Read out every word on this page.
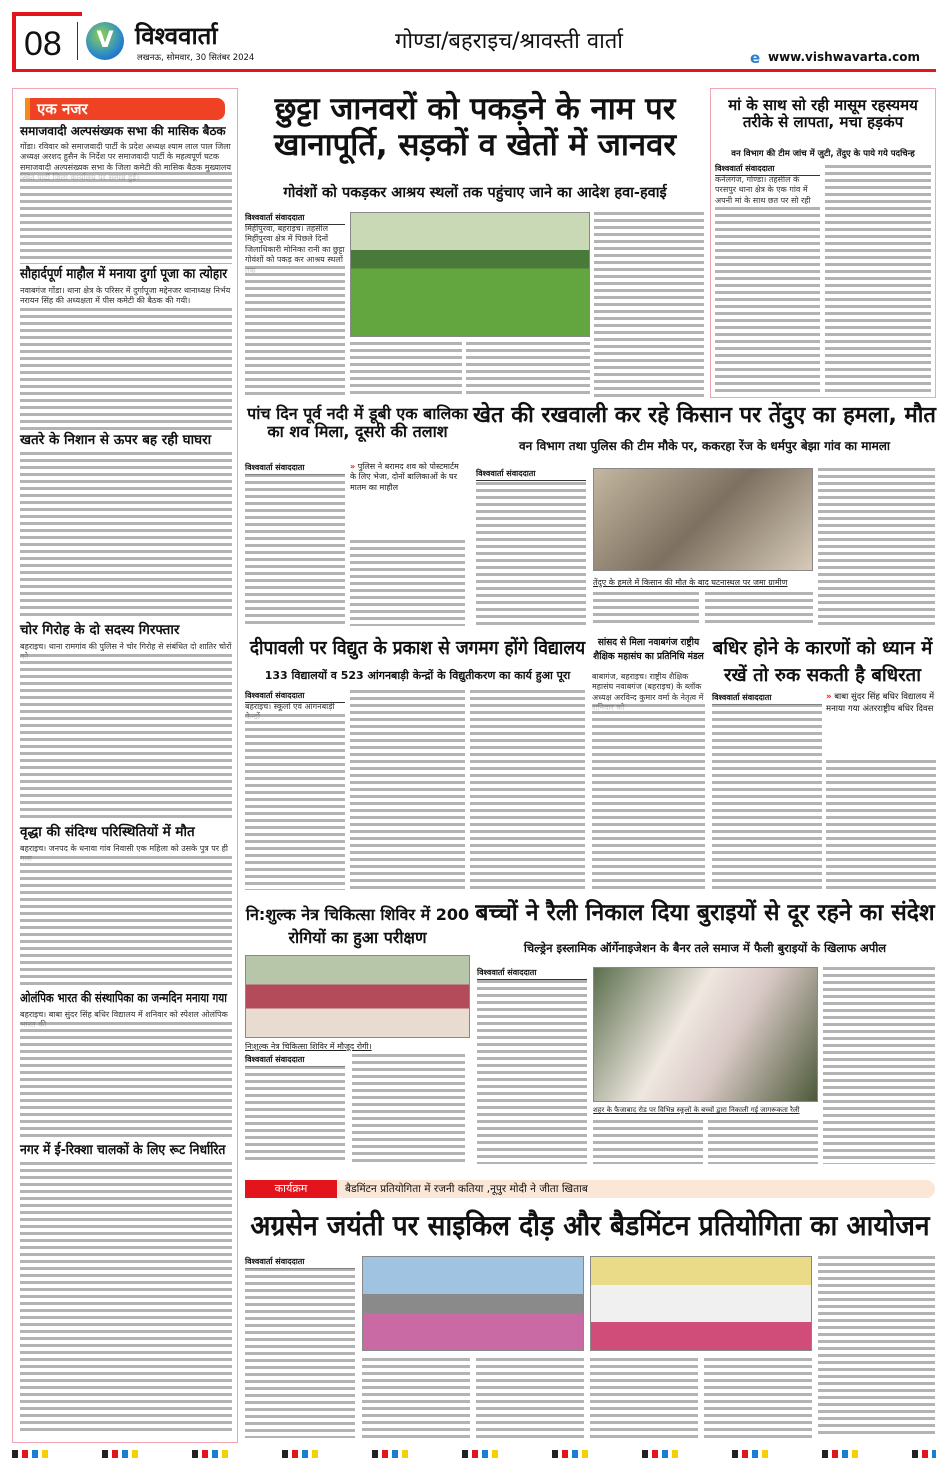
08	V विश्ववार्ता
लखनऊ, सोमवार, 30 सितंबर 2024
गोण्डा/बहराइच/श्रावस्ती वार्ता
e www.vishwavarta.com
एक नजर
समाजवादी अल्पसंख्यक सभा की मासिक बैठक
गोंडा। रविवार को समाजवादी पार्टी के प्रदेश अध्यक्ष श्याम लाल पाल जिला अध्यक्ष अरशद हुसैन के निर्देश पर समाजवादी पार्टी के महत्वपूर्ण घटक समाजवादी अल्पसंख्यक सभा के जिला कमेटी की मासिक बैठक मुख्यालय
सौहार्दपूर्ण माहौल में मनाया दुर्गा पूजा का त्योहार
नवाबगंज गोंडा। थाना क्षेत्र के परिसर में दुर्गापूजा मद्देनजर थानाध्यक्ष निर्भय नरायन सिंह की अध्यक्षता में पीस कमेटी की बैठक की गयी।
खतरे के निशान से ऊपर बह रही घाघरा
चोर गिरोह के दो सदस्य गिरफ्तार
बहराइच। थाना रामगांव की पुलिस ने चोर गिरोह से संबंधित दो शातिर चोरों
वृद्धा की संदिग्ध परिस्थितियों में मौत
बहराइच। जनपद के धनावा गांव निवासी एक महिला को उसके पुत्र पर ही
ओलंपिक भारत की संस्थापिका का जन्मदिन मनाया गया
बहराइच। बाबा सुंदर सिंह बधिर विद्यालय में शनिवार को स्पेशल ओलंपिक
नगर में ई-रिक्शा चालकों के लिए रूट निर्धारित
छुट्टा जानवरों को पकड़ने के नाम पर खानापूर्ति, सड़कों व खेतों में जानवर
गोवंशों को पकड़कर आश्रय स्थलों तक पहुंचाए जाने का आदेश हवा-हवाई
विश्ववार्ता संवाददाता
मिहींपुरवा, बहराइच। तहसील मिहींपुरवा क्षेत्र में पिछले दिनों जिलाधिकारी मोनिका रानी का छुट्टा गोवंशों को पकड़ कर आश्रय स्थलों
मां के साथ सो रही मासूम रहस्यमय तरीके से लापता, मचा हड़कंप
वन विभाग की टीम जांच में जुटी, तेंदुए के पाये गये पदचिन्ह
विश्ववार्ता संवाददाता
कर्नलगंज, गोण्डा। तहसील के परसपुर थाना क्षेत्र के एक गांव में अपनी मां के साथ छत पर सो रही
पांच दिन पूर्व नदी में डूबी एक बालिका का शव मिला, दूसरी की तलाश
विश्ववार्ता संवाददाता	» पुलिस ने बरामद शव को पोस्टमार्टम के लिए भेजा, दोनों बालिकाओं के घर मातम का माहौल
खेत की रखवाली कर रहे किसान पर तेंदुए का हमला, मौत
वन विभाग तथा पुलिस की टीम मौके पर, ककरहा रेंज के धर्मपुर बेझा गांव का मामला
विश्ववार्ता संवाददाता
तेंदुए के हमले में किसान की मौत के बाद घटनास्थल पर जमा ग्रामीण
दीपावली पर विद्युत के प्रकाश से जगमग होंगे विद्यालय
133 विद्यालयों व 523 आंगनबाड़ी केन्द्रों के विद्युतीकरण का कार्य हुआ पूरा
विश्ववार्ता संवाददाता
बहराइच। स्कूलों एवं आंगनबाड़ी
सांसद से मिला नवाबगंज राष्ट्रीय शैक्षिक महासंघ का प्रतिनिधि मंडल
बाबागंज, बहराइच। राष्ट्रीय शैक्षिक महासंघ नवाबगंज (बहराइच) के ब्लॉक अध्यक्ष अरविन्द कुमार वर्मा के नेतृत्व में
बधिर होने के कारणों को ध्यान में रखें तो रुक सकती है बधिरता
विश्ववार्ता संवाददाता	» बाबा सुंदर सिंह बधिर विद्यालय में मनाया गया अंतरराष्ट्रीय बधिर दिवस
नि:शुल्क नेत्र चिकित्सा शिविर में 200 रोगियों का हुआ परीक्षण
निःशुल्क नेत्र चिकित्सा शिविर में मौजूद रोगी।
विश्ववार्ता संवाददाता
बच्चों ने रैली निकाल दिया बुराइयों से दूर रहने का संदेश
चिल्ड्रेन इस्लामिक ऑर्गेनाइजेशन के बैनर तले समाज में फैली बुराइयों के खिलाफ अपील
विश्ववार्ता संवाददाता
शहर के फैजाबाद रोड पर विभिन्न स्कूलों के बच्चों द्वारा निकाली गई जागरूकता रैली
कार्यक्रम	बैडमिंटन प्रतियोगिता में रजनी कतिया ,नूपुर मोदी ने जीता खिताब
अग्रसेन जयंती पर साइकिल दौड़ और बैडमिंटन प्रतियोगिता का आयोजन
विश्ववार्ता संवाददाता
